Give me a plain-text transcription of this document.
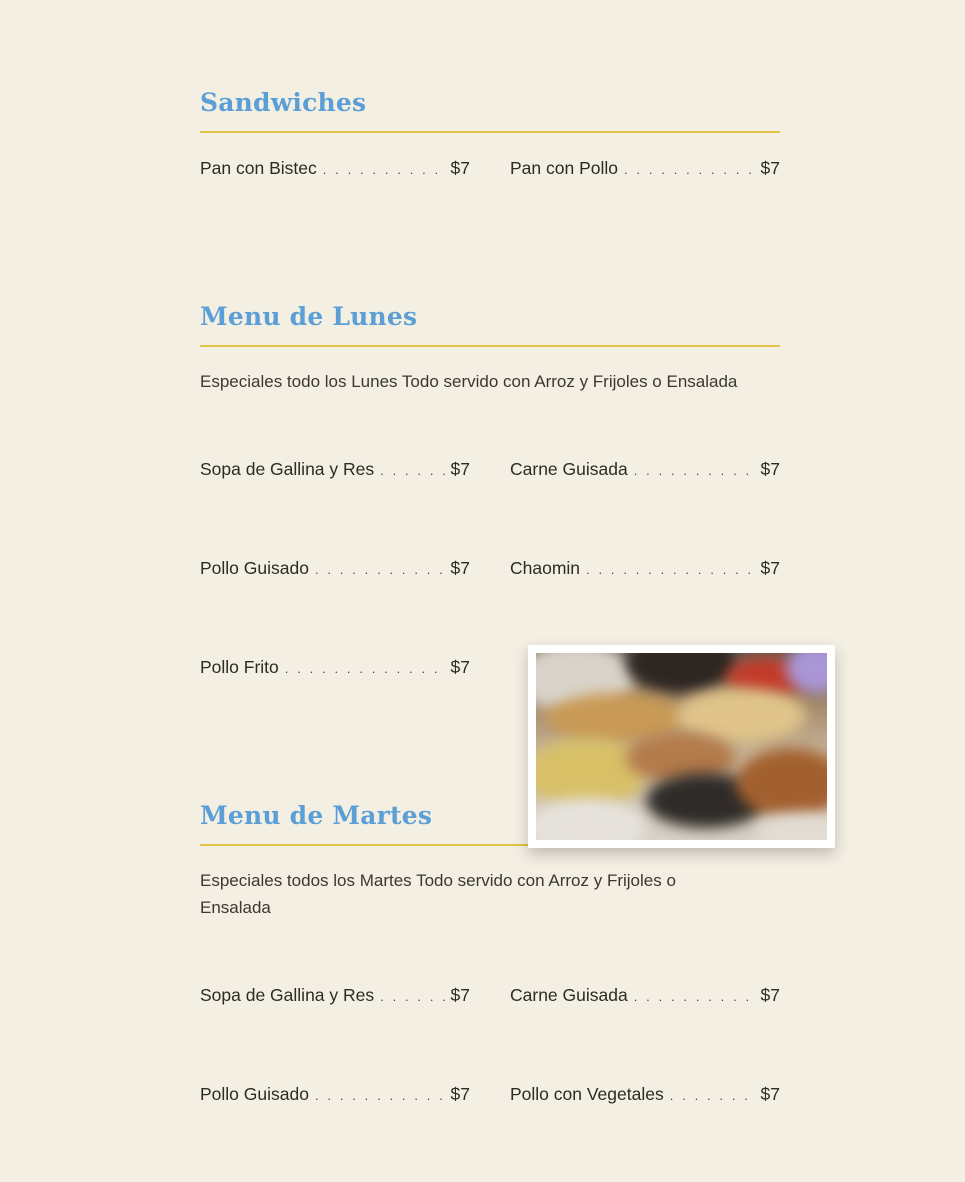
Sandwiches
Pan con Bistec . . .	$7 Pan con Pollo . . .	$7
Menu de Lunes
Especiales todo los Lunes Todo servido con Arroz y Frijoles o Ensalada
Sopa de Gallina y Res . . .	$7 Carne Guisada . . .	$7
Pollo Guisado . . .	$7 Chaomin . . .	$7
Pollo Frito . . .	$7
Menu de Martes
Especiales todos los Martes Todo servido con Arroz y Frijoles o Ensalada
Sopa de Gallina y Res . . .	$7 Carne Guisada . . .	$7
Pollo Guisado . . .	$7 Pollo con Vegetales . . .	$7
